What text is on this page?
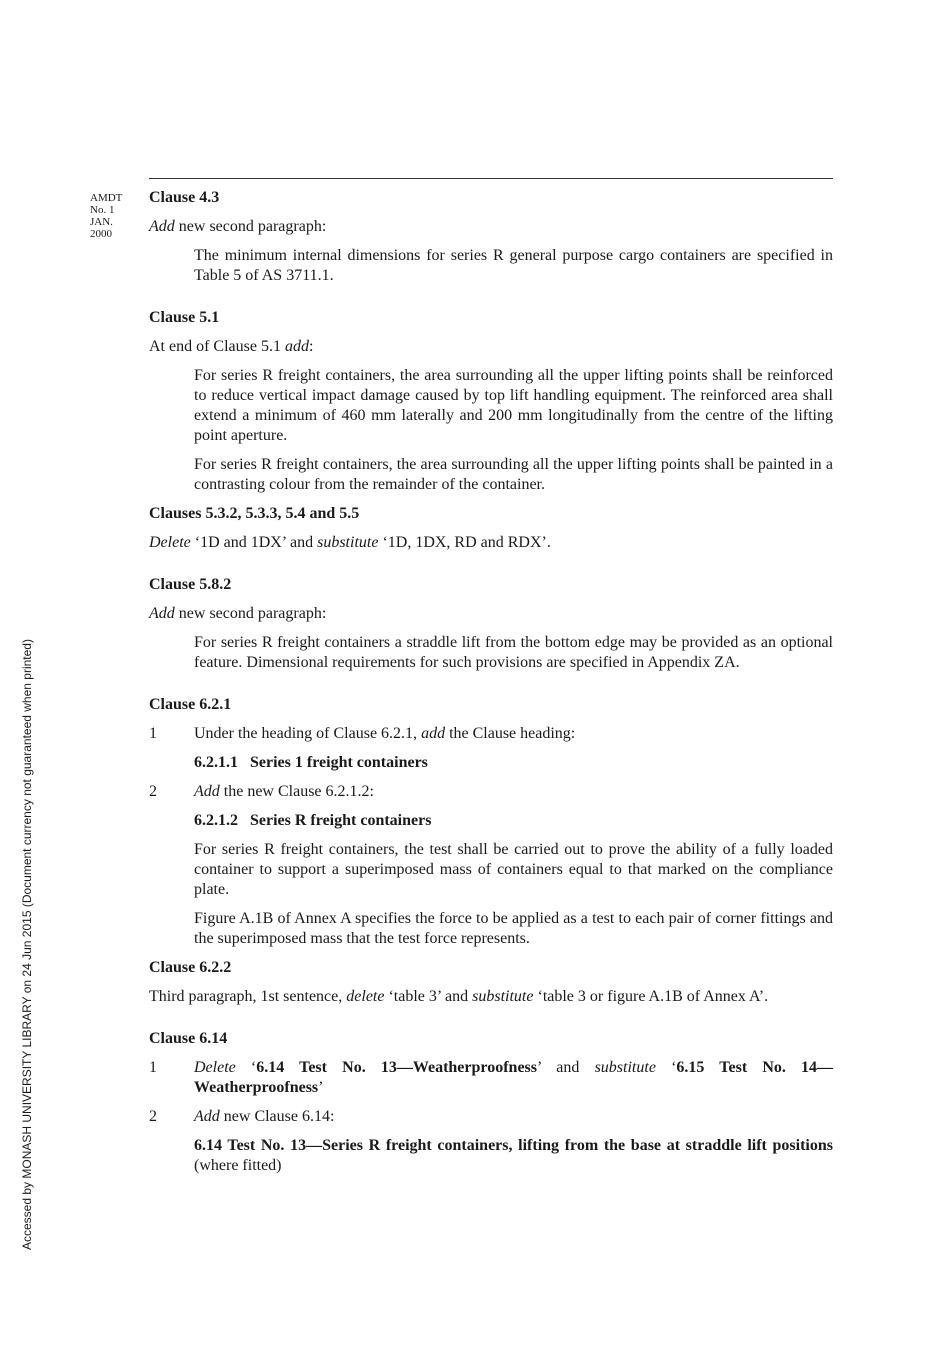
AMDT
No. 1
JAN.
2000
Accessed by MONASH UNIVERSITY LIBRARY on 24 Jun 2015 (Document currency not guaranteed when printed)
Clause 4.3
Add new second paragraph:
The minimum internal dimensions for series R general purpose cargo containers are specified in Table 5 of AS 3711.1.
Clause 5.1
At end of Clause 5.1 add:
For series R freight containers, the area surrounding all the upper lifting points shall be reinforced to reduce vertical impact damage caused by top lift handling equipment. The reinforced area shall extend a minimum of 460 mm laterally and 200 mm longitudinally from the centre of the lifting point aperture.
For series R freight containers, the area surrounding all the upper lifting points shall be painted in a contrasting colour from the remainder of the container.
Clauses 5.3.2, 5.3.3, 5.4 and 5.5
Delete ‘1D and 1DX’ and substitute ‘1D, 1DX, RD and RDX’.
Clause 5.8.2
Add new second paragraph:
For series R freight containers a straddle lift from the bottom edge may be provided as an optional feature. Dimensional requirements for such provisions are specified in Appendix ZA.
Clause 6.2.1
1	Under the heading of Clause 6.2.1, add the Clause heading:
6.2.1.1   Series 1 freight containers
2	Add the new Clause 6.2.1.2:
6.2.1.2   Series R freight containers
For series R freight containers, the test shall be carried out to prove the ability of a fully loaded container to support a superimposed mass of containers equal to that marked on the compliance plate.
Figure A.1B of Annex A specifies the force to be applied as a test to each pair of corner fittings and the superimposed mass that the test force represents.
Clause 6.2.2
Third paragraph, 1st sentence, delete ‘table 3’ and substitute ‘table 3 or figure A.1B of Annex A’.
Clause 6.14
1	Delete ‘6.14 Test No. 13—Weatherproofness’ and substitute ‘6.15 Test No. 14—Weatherproofness’
2	Add new Clause 6.14:
6.14 Test No. 13—Series R freight containers, lifting from the base at straddle lift positions (where fitted)
